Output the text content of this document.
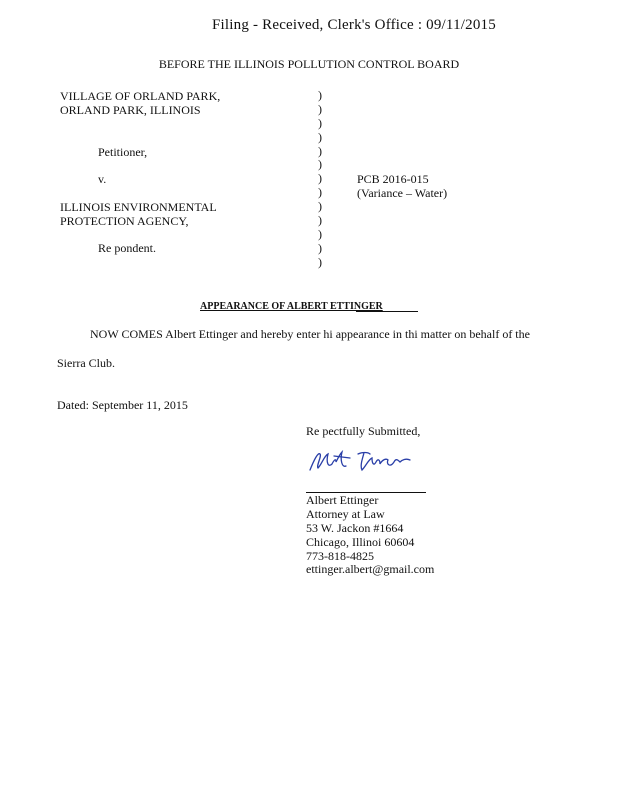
Filing - Received, Clerk's Office : 09/11/2015
BEFORE THE ILLINOIS POLLUTION CONTROL BOARD
VILLAGE OF ORLAND PARK,
ORLAND PARK, ILLINOIS
Petitioner,
v.
ILLINOIS ENVIRONMENTAL
PROTECTION AGENCY,
Re pondent.
)
)
)
)
)
)
)
)
)
)
)
)
)
PCB 2016-015
(Variance – Water)
APPEARANCE OF ALBERT ETTINGER
NOW COMES Albert Ettinger and hereby enter hi appearance in thi matter on behalf of the
Sierra Club.
Dated: September 11, 2015
Re pectfully Submitted,
Albert Ettinger
Attorney at Law
53 W. Jackon #1664
Chicago, Illinoi 60604
773-818-4825
ettinger.albert@gmail.com
